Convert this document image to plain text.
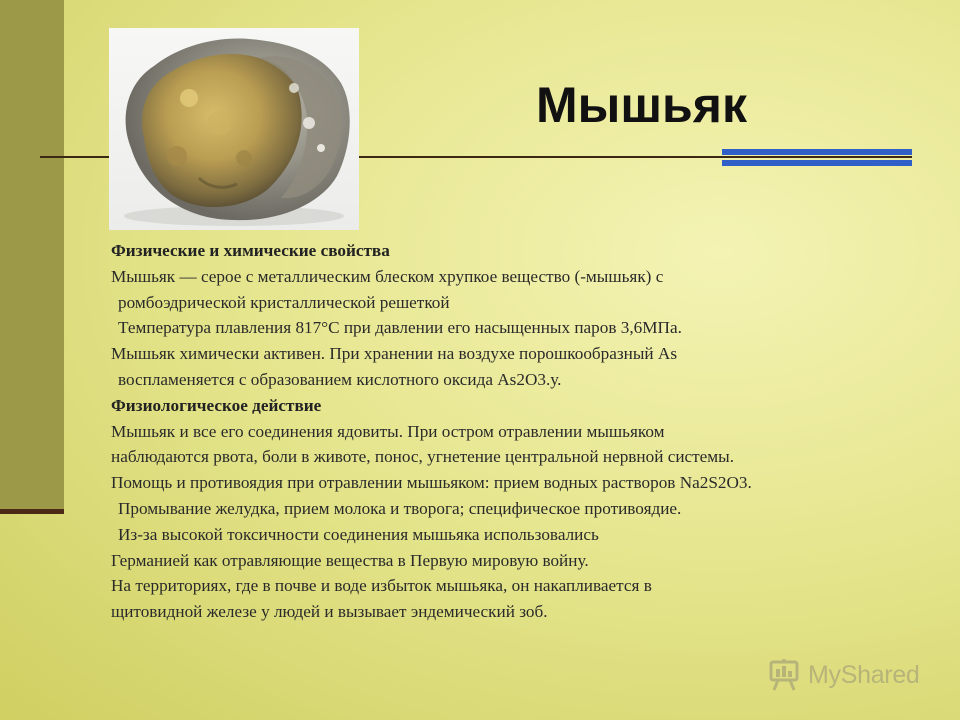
Мышьяк
Физические и химические свойства
Мышьяк — серое с металлическим блеском хрупкое вещество (-мышьяк) с
ромбоэдрической кристаллической решеткой
Температура плавления 817°С при давлении его насыщенных паров 3,6МПа.
Мышьяк химически активен. При хранении на воздухе порошкообразный As
воспламеняется с образованием кислотного оксида As2O3.у.
Физиологическое действие
Мышьяк и все его соединения ядовиты. При остром отравлении мышьяком
наблюдаются рвота, боли в животе, понос, угнетение центральной нервной системы.
Помощь и противоядия при отравлении мышьяком: прием водных растворов Na2S2O3.
Промывание желудка, прием молока и творога; специфическое противоядие.
Из-за высокой токсичности соединения мышьяка использовались
Германией как отравляющие вещества в Первую мировую войну.
На территориях, где в почве и воде избыток мышьяка, он накапливается в
щитовидной железе у людей и вызывает эндемический зоб.
MyShared
